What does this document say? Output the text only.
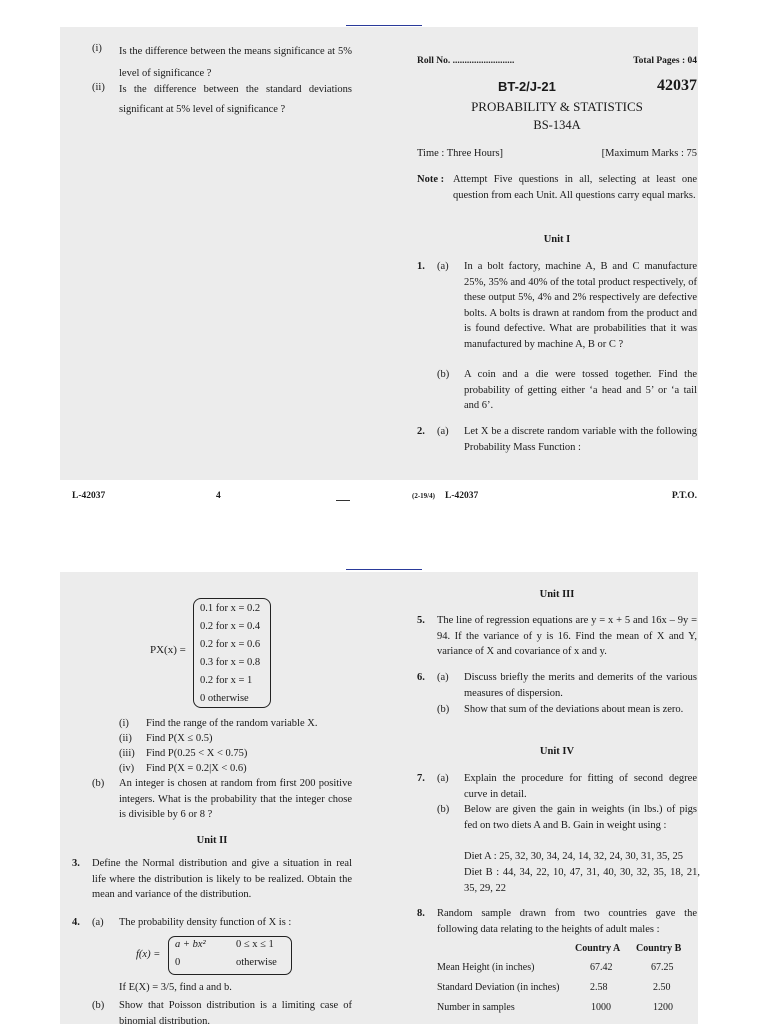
(i) Is the difference between the means significance at 5% level of significance ?
(ii) Is the difference between the standard deviations significant at 5% level of significance ?
Roll No. ..........................	Total Pages : 04
BT-2/J-21	42037
PROBABILITY & STATISTICS
BS-134A
Time : Three Hours]	[Maximum Marks : 75
Note : Attempt Five questions in all, selecting at least one question from each Unit. All questions carry equal marks.
Unit I
1. (a) In a bolt factory, machine A, B and C manufacture 25%, 35% and 40% of the total product respectively, of these output 5%, 4% and 2% respectively are defective bolts. A bolts is drawn at random from the product and is found defective. What are probabilities that it was manufactured by machine A, B or C ?
(b) A coin and a die were tossed together. Find the probability of getting either ‘a head and 5’ or ‘a tail and 6’.
2. (a) Let X be a discrete random variable with the following Probability Mass Function :
L-42037	4	(2-19/4) L-42037	P.T.O.
PX(x) =
0.1 for x = 0.2
0.2 for x = 0.4
0.2 for x = 0.6
0.3 for x = 0.8
0.2 for x = 1
0 otherwise
(i) Find the range of the random variable X.
(ii) Find P(X ≤ 0.5)
(iii) Find P(0.25 < X < 0.75)
(iv) Find P(X = 0.2|X < 0.6)
(b) An integer is chosen at random from first 200 positive integers. What is the probability that the integer chose is divisible by 6 or 8 ?
Unit II
3. Define the Normal distribution and give a situation in real life where the distribution is likely to be realized. Obtain the mean and variance of the distribution.
4. (a) The probability density function of X is :
f(x) =
a + bx²	0 ≤ x ≤ 1
0	otherwise
If E(X) = 3/5, find a and b.
(b) Show that Poisson distribution is a limiting case of binomial distribution.
Unit III
5. The line of regression equations are y = x + 5 and 16x – 9y = 94. If the variance of y is 16. Find the mean of X and Y, variance of X and covariance of x and y.
6. (a) Discuss briefly the merits and demerits of the various measures of dispersion.
(b) Show that sum of the deviations about mean is zero.
Unit IV
7. (a) Explain the procedure for fitting of second degree curve in detail.
(b) Below are given the gain in weights (in lbs.) of pigs fed on two diets A and B. Gain in weight using :
Diet A : 25, 32, 30, 34, 24, 14, 32, 24, 30, 31, 35, 25
Diet B : 44, 34, 22, 10, 47, 31, 40, 30, 32, 35, 18, 21, 35, 29, 22
8. Random sample drawn from two countries gave the following data relating to the heights of adult males :
Country A Country B
Mean Height (in inches)	67.42	67.25
Standard Deviation (in inches)	2.58	2.50
Number in samples	1000	1200
